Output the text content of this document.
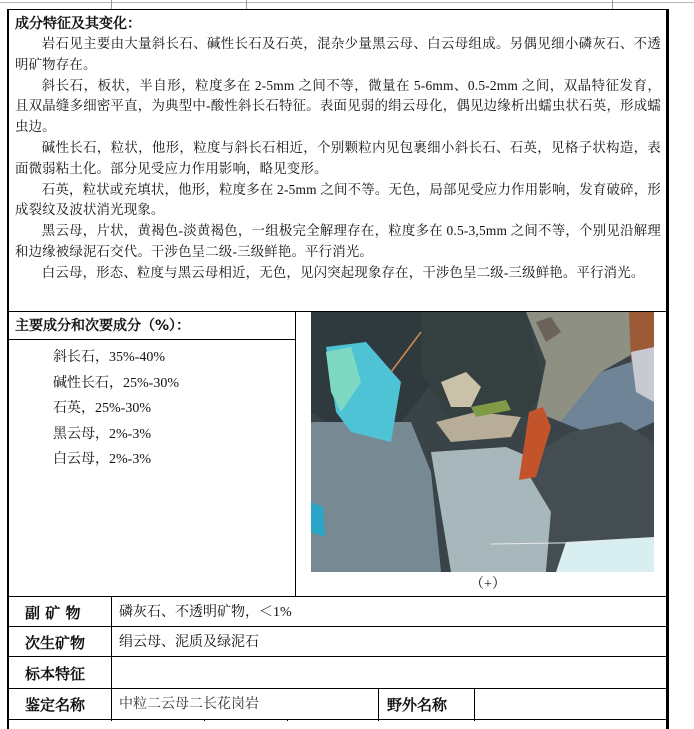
成分特征及其变化：

岩石见主要由大量斜长石、碱性长石及石英，混杂少量黑云母、白云母组成。另偶见细小磷灰石、不透明矿物存在。

斜长石，板状，半自形，粒度多在 2-5mm 之间不等，微量在 5-6mm、0.5-2mm 之间，双晶特征发育，且双晶缝多细密平直，为典型中-酸性斜长石特征。表面见弱的绢云母化，偶见边缘析出蠕虫状石英，形成蠕虫边。

碱性长石，粒状，他形，粒度与斜长石相近，个别颗粒内见包裹细小斜长石、石英，见格子状构造，表面微弱粘土化。部分见受应力作用影响，略见变形。

石英，粒状或充填状，他形，粒度多在 2-5mm 之间不等。无色，局部见受应力作用影响，发育破碎，形成裂纹及波状消光现象。

黑云母，片状，黄褐色-淡黄褐色，一组极完全解理存在，粒度多在 0.5-3,5mm 之间不等，个别见沿解理和边缘被绿泥石交代。干涉色呈二级-三级鲜艳。平行消光。

白云母，形态、粒度与黑云母相近，无色，见闪突起现象存在，干涉色呈二级-三级鲜艳。平行消光。

主要成分和次要成分（%）：
斜长石，35%-40%
碱性长石，25%-30%
石英，25%-30%
黑云母，2%-3%
白云母，2%-3%
（+）
副 矿 物	磷灰石、不透明矿物，＜1%
次生矿物 绢云母、泥质及绿泥石
标本特征
鉴定名称 中粒二云母二长花岗岩	野外名称
